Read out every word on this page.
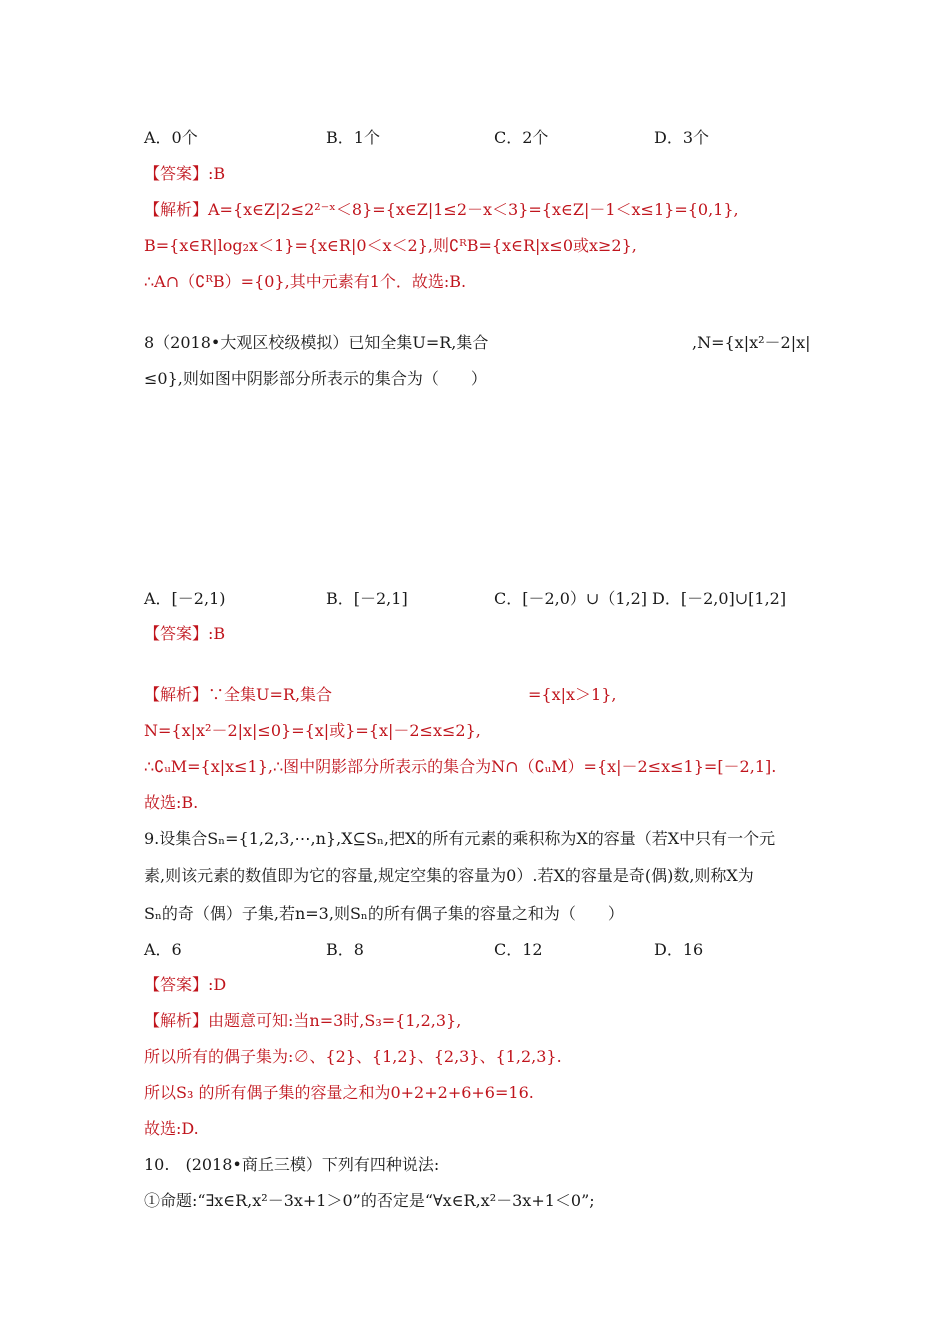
A．0个	B．1个	C．2个	D．3个
【答案】:B
【解析】A={x∈Z|2≤2²⁻ˣ＜8}={x∈Z|1≤2－x＜3}={x∈Z|－1＜x≤1}={0,1},
B={x∈R|log₂x＜1}={x∈R|0＜x＜2},则∁ᴿB={x∈R|x≤0或x≥2},
∴A∩（∁ᴿB）={0},其中元素有1个．故选:B.
8（2018•大观区校级模拟）已知全集U=R,集合	,N={x|x²－2|x|
≤0},则如图中阴影部分所表示的集合为（　　）
A．[－2,1)	B．[－2,1]	C．[－2,0）∪（1,2] D．[－2,0]∪[1,2]
【答案】:B
【解析】∵全集U=R,集合	={x|x＞1},
N={x|x²－2|x|≤0}={x|或}={x|－2≤x≤2},
∴∁ᵤM={x|x≤1},∴图中阴影部分所表示的集合为N∩（∁ᵤM）={x|－2≤x≤1}=[－2,1].
故选:B.
9.设集合Sₙ={1,2,3,⋯,n},X⊆Sₙ,把X的所有元素的乘积称为X的容量（若X中只有一个元
素,则该元素的数值即为它的容量,规定空集的容量为0）.若X的容量是奇(偶)数,则称X为
Sₙ的奇（偶）子集,若n=3,则Sₙ的所有偶子集的容量之和为（　　）
A．6	B．8	C．12	D．16
【答案】:D
【解析】由题意可知:当n=3时,S₃={1,2,3},
所以所有的偶子集为:∅、{2}、{1,2}、{2,3}、{1,2,3}.
所以S₃ 的所有偶子集的容量之和为0+2+2+6+6=16.
故选:D.
10.　(2018•商丘三模）下列有四种说法:
①命题:“∃x∈R,x²－3x+1＞0”的否定是“∀x∈R,x²－3x+1＜0”;
